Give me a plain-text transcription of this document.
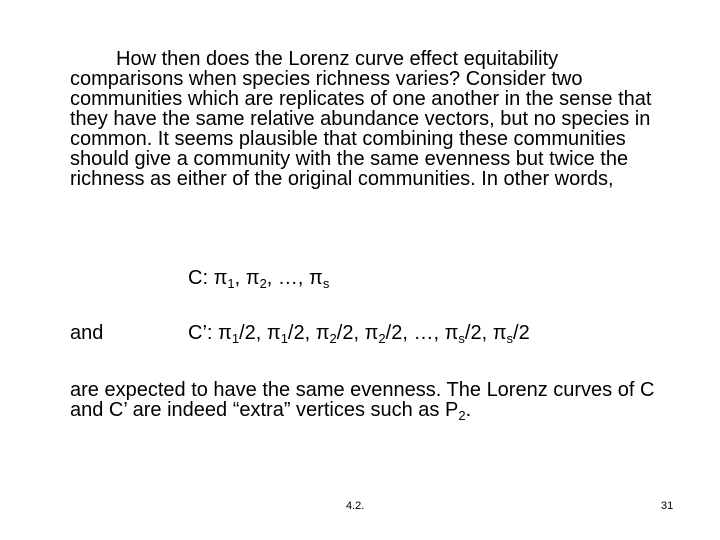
How then does the Lorenz curve effect equitability comparisons when species richness varies? Consider two communities which are replicates of one another in the sense that they have the same relative abundance vectors, but no species in common. It seems plausible that combining these communities should give a community with the same evenness but twice the richness as either of the original communities. In other words,

C: $\pi_1$, $\pi_2$, …, $\pi_s$
and	C’: $\pi_1/2$, $\pi_1/2$, $\pi_2/2$, $\pi_2/2$, …, $\pi_s/2$, $\pi_s/2$

are expected to have the same evenness. The Lorenz curves of C and C’ are indeed “extra” vertices such as $P_2$.

4.2.	31
